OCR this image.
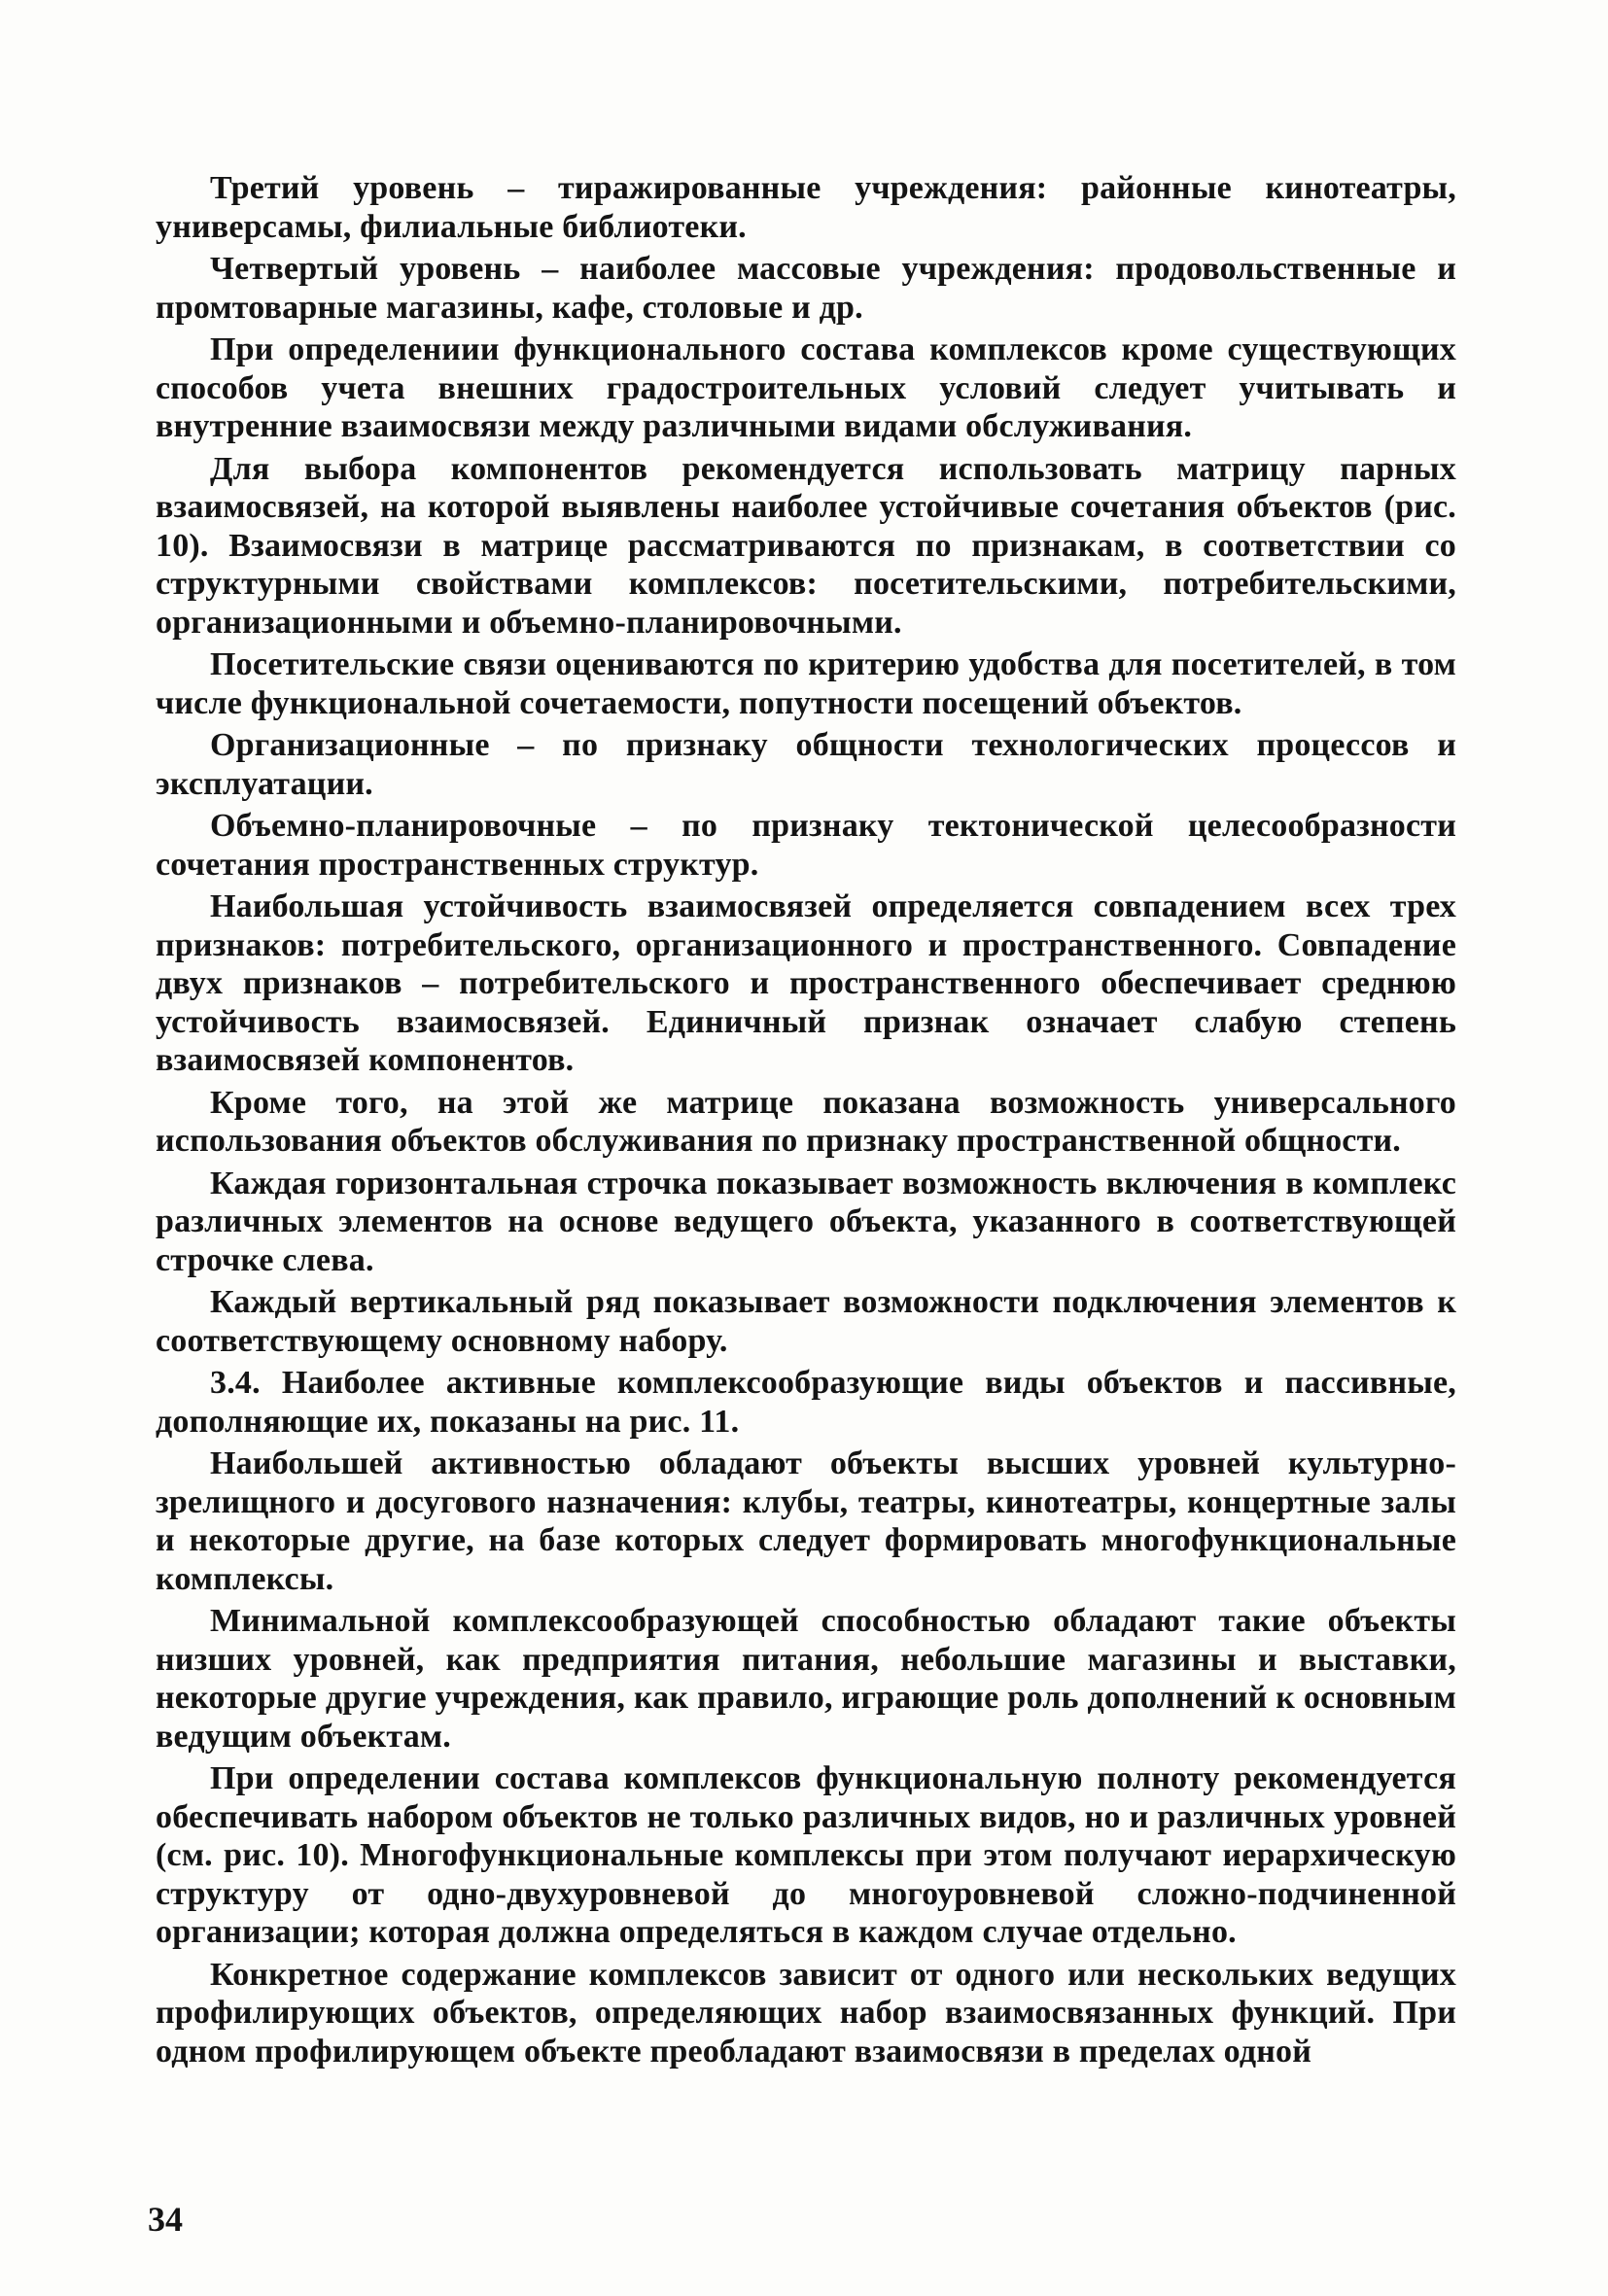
Третий уровень – тиражированные учреждения: районные кинотеатры, универсамы, филиальные библиотеки.

Четвертый уровень – наиболее массовые учреждения: продовольственные и промтоварные магазины, кафе, столовые и др.

При определениии функционального состава комплексов кроме существующих способов учета внешних градостроительных условий следует учитывать и внутренние взаимосвязи между различными видами обслуживания.

Для выбора компонентов рекомендуется использовать матрицу парных взаимосвязей, на которой выявлены наиболее устойчивые сочетания объектов (рис. 10). Взаимосвязи в матрице рассматриваются по признакам, в соответствии со структурными свойствами комплексов: посетительскими, потребительскими, организационными и объемно-планировочными.

Посетительские связи оцениваются по критерию удобства для посетителей, в том числе функциональной сочетаемости, попутности посещений объектов.

Организационные – по признаку общности технологических процессов и эксплуатации.

Объемно-планировочные – по признаку тектонической целесообразности сочетания пространственных структур.

Наибольшая устойчивость взаимосвязей определяется совпадением всех трех признаков: потребительского, организационного и пространственного. Совпадение двух признаков – потребительского и пространственного обеспечивает среднюю устойчивость взаимосвязей. Единичный признак означает слабую степень взаимосвязей компонентов.

Кроме того, на этой же матрице показана возможность универсального использования объектов обслуживания по признаку пространственной общности.

Каждая горизонтальная строчка показывает возможность включения в комплекс различных элементов на основе ведущего объекта, указанного в соответствующей строчке слева.

Каждый вертикальный ряд показывает возможности подключения элементов к соответствующему основному набору.

3.4. Наиболее активные комплексообразующие виды объектов и пассивные, дополняющие их, показаны на рис. 11.

Наибольшей активностью обладают объекты высших уровней культурно-зрелищного и досугового назначения: клубы, театры, кинотеатры, концертные залы и некоторые другие, на базе которых следует формировать многофункциональные комплексы.

Минимальной комплексообразующей способностью обладают такие объекты низших уровней, как предприятия питания, небольшие магазины и выставки, некоторые другие учреждения, как правило, играющие роль дополнений к основным ведущим объектам.

При определении состава комплексов функциональную полноту рекомендуется обеспечивать набором объектов не только различных видов, но и различных уровней (см. рис. 10). Многофункциональные комплексы при этом получают иерархическую структуру от одно-двухуровневой до многоуровневой сложно-подчиненной организации; которая должна определяться в каждом случае отдельно.

Конкретное содержание комплексов зависит от одного или нескольких ведущих профилирующих объектов, определяющих набор взаимосвязанных функций. При одном профилирующем объекте преобладают взаимосвязи в пределах одной

34
